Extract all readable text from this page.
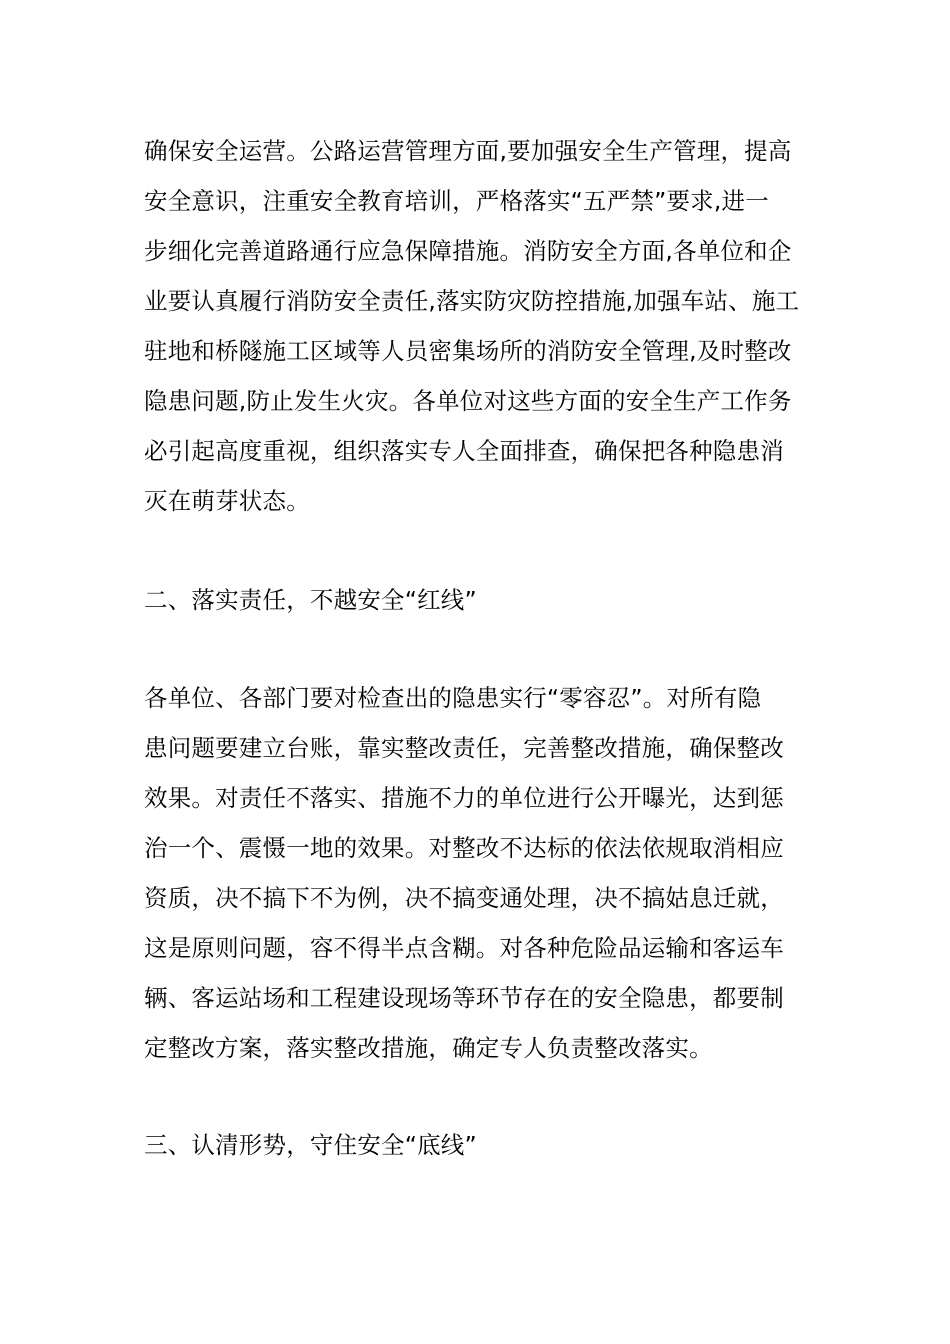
确保安全运营。公路运营管理方面,要加强安全生产管理，提高
安全意识，注重安全教育培训，严格落实“五严禁”要求,进一
步细化完善道路通行应急保障措施。消防安全方面,各单位和企
业要认真履行消防安全责任,落实防灾防控措施,加强车站、施工
驻地和桥隧施工区域等人员密集场所的消防安全管理,及时整改
隐患问题,防止发生火灾。各单位对这些方面的安全生产工作务
必引起高度重视，组织落实专人全面排查，确保把各种隐患消
灭在萌芽状态。
二、落实责任，不越安全“红线”
各单位、各部门要对检查出的隐患实行“零容忍”。对所有隐
患问题要建立台账，靠实整改责任，完善整改措施，确保整改
效果。对责任不落实、措施不力的单位进行公开曝光，达到惩
治一个、震慑一地的效果。对整改不达标的依法依规取消相应
资质，决不搞下不为例，决不搞变通处理，决不搞姑息迁就，
这是原则问题，容不得半点含糊。对各种危险品运输和客运车
辆、客运站场和工程建设现场等环节存在的安全隐患，都要制
定整改方案，落实整改措施，确定专人负责整改落实。
三、认清形势，守住安全“底线”
